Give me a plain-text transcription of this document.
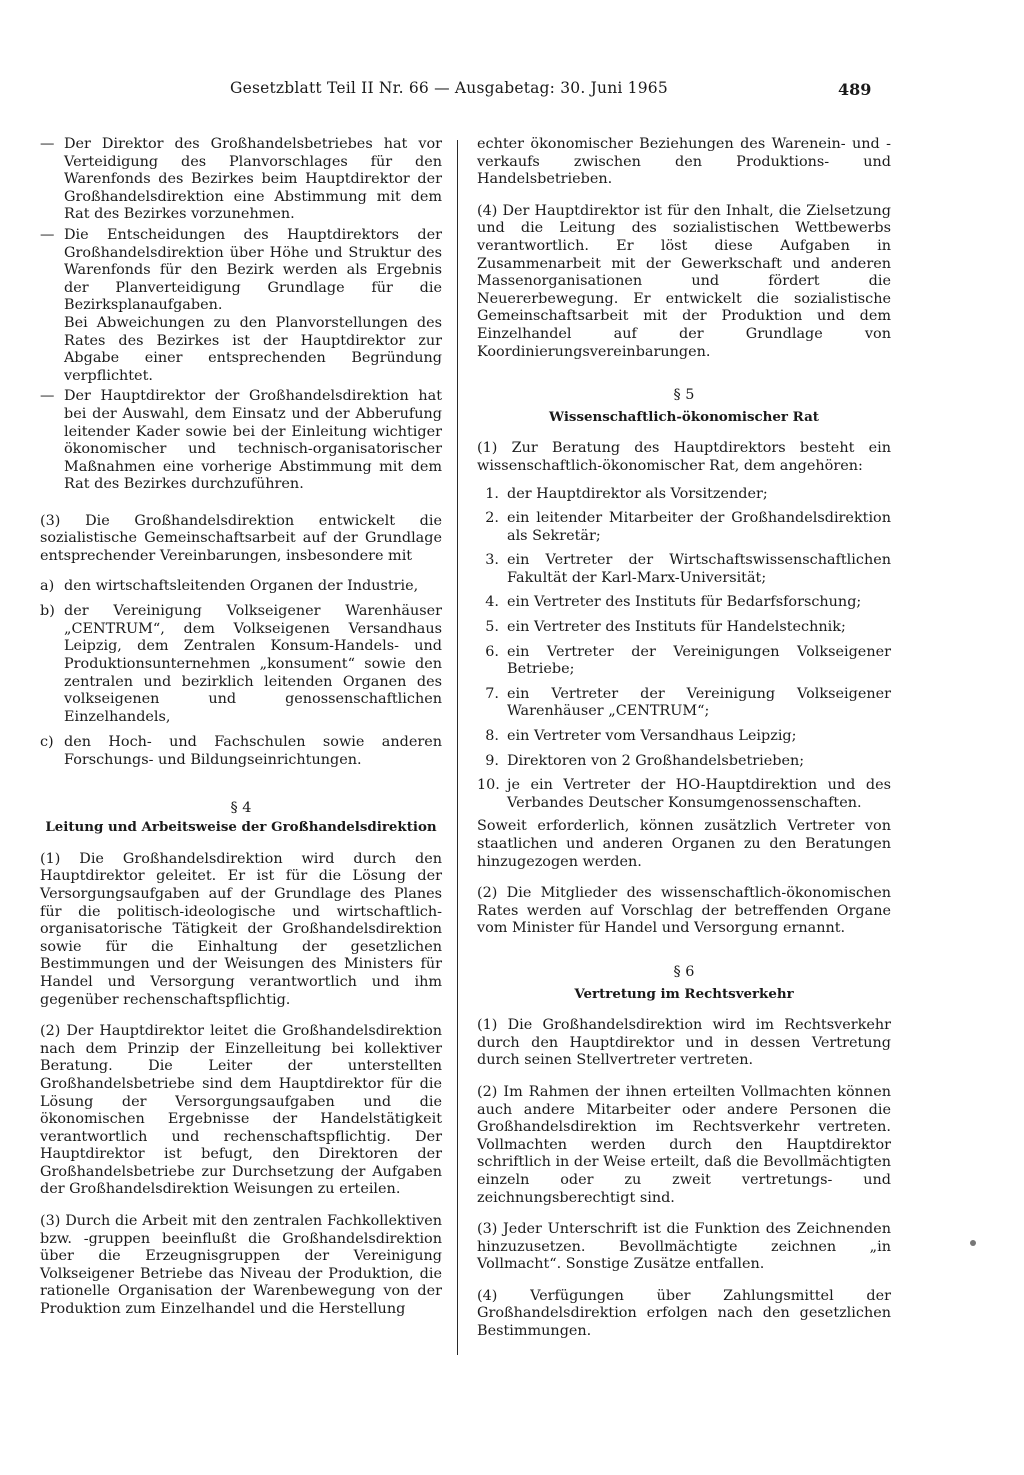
Gesetzblatt Teil II Nr. 66 — Ausgabetag: 30. Juni 1965	489
— Der Direktor des Großhandelsbetriebes hat vor Verteidigung des Planvorschlages für den Warenfonds des Bezirkes beim Hauptdirektor der Großhandelsdirektion eine Abstimmung mit dem Rat des Bezirkes vorzunehmen.

— Die Entscheidungen des Hauptdirektors der Großhandelsdirektion über Höhe und Struktur des Warenfonds für den Bezirk werden als Ergebnis der Planverteidigung Grundlage für die Bezirksplanaufgaben.

Bei Abweichungen zu den Planvorstellungen des Rates des Bezirkes ist der Hauptdirektor zur Abgabe einer entsprechenden Begründung verpflichtet.

— Der Hauptdirektor der Großhandelsdirektion hat bei der Auswahl, dem Einsatz und der Abberufung leitender Kader sowie bei der Einleitung wichtiger ökonomischer und technisch-organisatorischer Maßnahmen eine vorherige Abstimmung mit dem Rat des Bezirkes durchzuführen.

(3) Die Großhandelsdirektion entwickelt die sozialistische Gemeinschaftsarbeit auf der Grundlage entsprechender Vereinbarungen, insbesondere mit

a) den wirtschaftsleitenden Organen der Industrie,

b) der Vereinigung Volkseigener Warenhäuser „CENTRUM“, dem Volkseigenen Versandhaus Leipzig, dem Zentralen Konsum-Handels- und Produktionsunternehmen „konsument“ sowie den zentralen und bezirklich leitenden Organen des volkseigenen und genossenschaftlichen Einzelhandels,

c) den Hoch- und Fachschulen sowie anderen Forschungs- und Bildungseinrichtungen.

§ 4
Leitung und Arbeitsweise der Großhandelsdirektion

(1) Die Großhandelsdirektion wird durch den Hauptdirektor geleitet. Er ist für die Lösung der Versorgungsaufgaben auf der Grundlage des Planes für die politisch-ideologische und wirtschaftlich-organisatorische Tätigkeit der Großhandelsdirektion sowie für die Einhaltung der gesetzlichen Bestimmungen und der Weisungen des Ministers für Handel und Versorgung verantwortlich und ihm gegenüber rechenschaftspflichtig.

(2) Der Hauptdirektor leitet die Großhandelsdirektion nach dem Prinzip der Einzelleitung bei kollektiver Beratung. Die Leiter der unterstellten Großhandelsbetriebe sind dem Hauptdirektor für die Lösung der Versorgungsaufgaben und die ökonomischen Ergebnisse der Handelstätigkeit verantwortlich und rechenschaftspflichtig. Der Hauptdirektor ist befugt, den Direktoren der Großhandelsbetriebe zur Durchsetzung der Aufgaben der Großhandelsdirektion Weisungen zu erteilen.

(3) Durch die Arbeit mit den zentralen Fachkollektiven bzw. -gruppen beeinflußt die Großhandelsdirektion über die Erzeugnisgruppen der Vereinigung Volkseigener Betriebe das Niveau der Produktion, die rationelle Organisation der Warenbewegung von der Produktion zum Einzelhandel und die Herstellung

echter ökonomischer Beziehungen des Warenein- und -verkaufs zwischen den Produktions- und Handelsbetrieben.

(4) Der Hauptdirektor ist für den Inhalt, die Zielsetzung und die Leitung des sozialistischen Wettbewerbs verantwortlich. Er löst diese Aufgaben in Zusammenarbeit mit der Gewerkschaft und anderen Massenorganisationen und fördert die Neuererbewegung. Er entwickelt die sozialistische Gemeinschaftsarbeit mit der Produktion und dem Einzelhandel auf der Grundlage von Koordinierungsvereinbarungen.

§ 5
Wissenschaftlich-ökonomischer Rat

(1) Zur Beratung des Hauptdirektors besteht ein wissenschaftlich-ökonomischer Rat, dem angehören:

1. der Hauptdirektor als Vorsitzender;

2. ein leitender Mitarbeiter der Großhandelsdirektion als Sekretär;

3. ein Vertreter der Wirtschaftswissenschaftlichen Fakultät der Karl-Marx-Universität;

4. ein Vertreter des Instituts für Bedarfsforschung;

5. ein Vertreter des Instituts für Handelstechnik;

6. ein Vertreter der Vereinigungen Volkseigener Betriebe;

7. ein Vertreter der Vereinigung Volkseigener Warenhäuser „CENTRUM“;

8. ein Vertreter vom Versandhaus Leipzig;

9. Direktoren von 2 Großhandelsbetrieben;

10. je ein Vertreter der HO-Hauptdirektion und des Verbandes Deutscher Konsumgenossenschaften.

Soweit erforderlich, können zusätzlich Vertreter von staatlichen und anderen Organen zu den Beratungen hinzugezogen werden.

(2) Die Mitglieder des wissenschaftlich-ökonomischen Rates werden auf Vorschlag der betreffenden Organe vom Minister für Handel und Versorgung ernannt.

§ 6
Vertretung im Rechtsverkehr

(1) Die Großhandelsdirektion wird im Rechtsverkehr durch den Hauptdirektor und in dessen Vertretung durch seinen Stellvertreter vertreten.

(2) Im Rahmen der ihnen erteilten Vollmachten können auch andere Mitarbeiter oder andere Personen die Großhandelsdirektion im Rechtsverkehr vertreten. Vollmachten werden durch den Hauptdirektor schriftlich in der Weise erteilt, daß die Bevollmächtigten einzeln oder zu zweit vertretungs- und zeichnungsberechtigt sind.

(3) Jeder Unterschrift ist die Funktion des Zeichnenden hinzuzusetzen. Bevollmächtigte zeichnen „in Vollmacht“. Sonstige Zusätze entfallen.

(4) Verfügungen über Zahlungsmittel der Großhandelsdirektion erfolgen nach den gesetzlichen Bestimmungen.
